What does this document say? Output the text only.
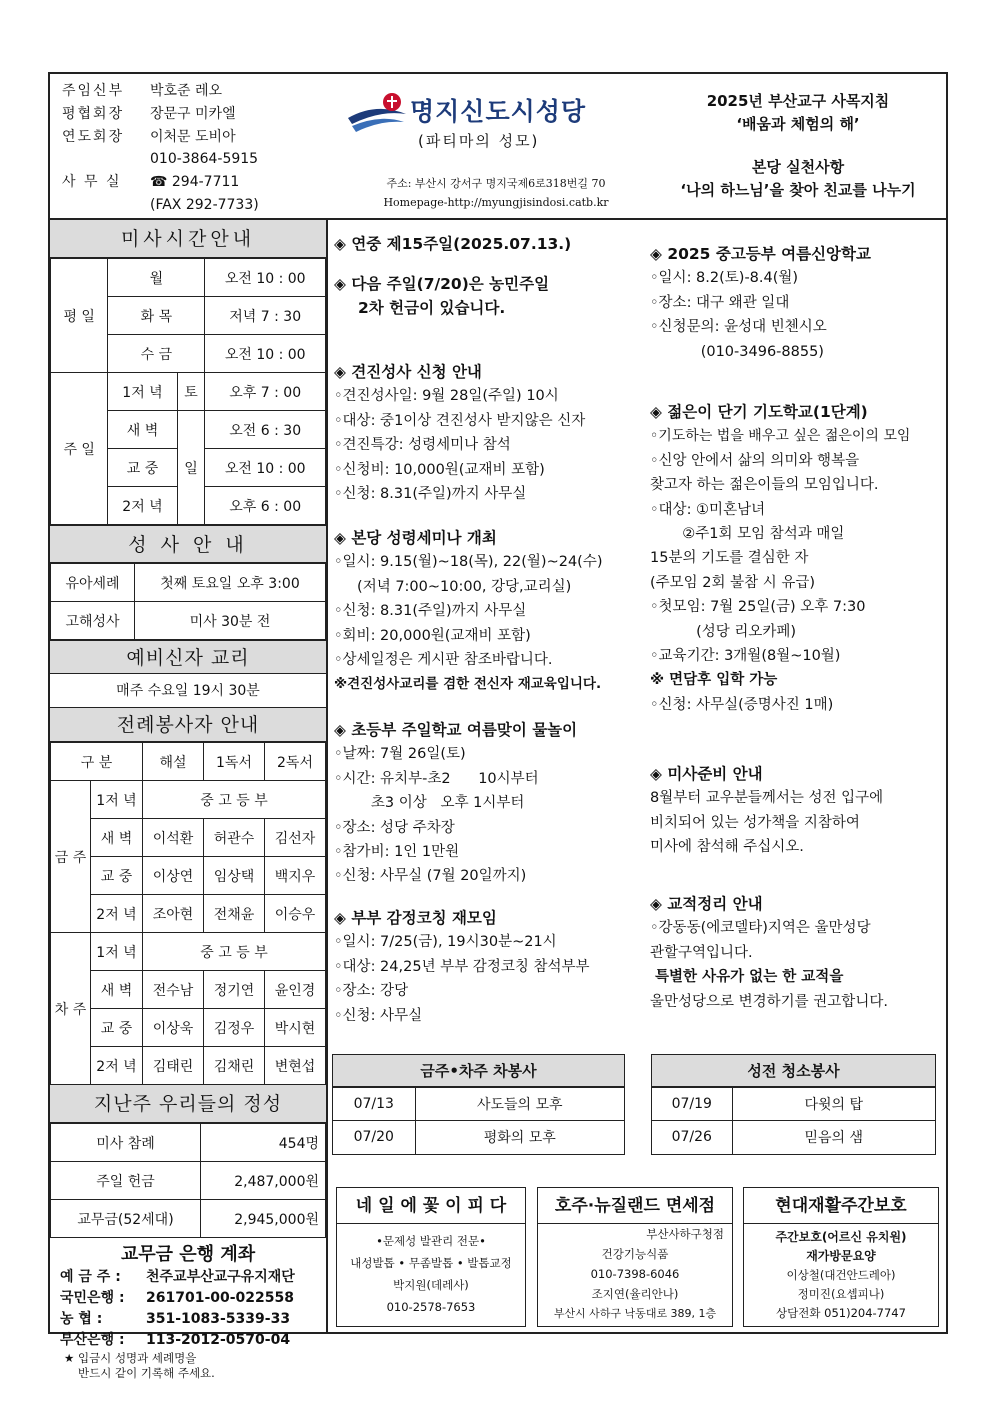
주임신부 박호준 레오
평협회장 장문구 미카엘
연도회장 이처문 도비아
010-3864-5915
사 무 실 ☎ 294-7711
(FAX 292-7733)
명지신도시성당
(파티마의 성모)
주소: 부산시 강서구 명지국제6로318번길 70
Homepage-http://myungjisindosi.catb.kr
2025년 부산교구 사목지침
‘배움과 체험의 해’
본당 실천사항
‘나의 하느님’을 찾아 친교를 나누기
미사시간안내
평 일	월		오전 10 : 00
	화 목		저녁 7 : 30
	수 금		오전 10 : 00
주 일	1저 녁	토	오후 7 : 00
	새 벽	일	오전 6 : 30
	교 중		오전 10 : 00
	2저 녁		오후 6 : 00
성 사 안 내
유아세례	첫째 토요일 오후 3:00
고해성사	미사 30분 전
예비신자 교리
매주 수요일 19시 30분
전례봉사자 안내
구 분		해설	1독서	2독서
금 주	1저 녁	중 고 등 부		
	새 벽	이석환	허관수	김선자
	교 중	이상연	임상택	백지우
	2저 녁	조아현	전채윤	이승우
차 주	1저 녁	중 고 등 부		
	새 벽	전수남	정기연	윤인경
	교 중	이상욱	김정우	박시현
	2저 녁	김태린	김채린	변현섭
지난주 우리들의 정성
미사 참례	454명
주일 헌금	2,487,000원
교무금(52세대)	2,945,000원
교무금 은행 계좌
예 금 주 : 천주교부산교구유지재단
국민은행 : 261701-00-022558
농 협 :	351-1083-5339-33
부산은행 : 113-2012-0570-04
★ 입금시 성명과 세례명을
반드시 같이 기록해 주세요.
◈ 연중 제15주일(2025.07.13.)
◈ 다음 주일(7/20)은 농민주일
2차 헌금이 있습니다.
◈ 견진성사 신청 안내
◦견진성사일: 9월 28일(주일) 10시
◦대상: 중1이상 견진성사 받지않은 신자
◦견진특강: 성령세미나 참석
◦신청비: 10,000원(교재비 포함)
◦신청: 8.31(주일)까지 사무실
◈ 본당 성령세미나 개최
◦일시: 9.15(월)~18(목), 22(월)~24(수)
(저녁 7:00~10:00, 강당,교리실)
◦신청: 8.31(주일)까지 사무실
◦회비: 20,000원(교재비 포함)
◦상세일정은 게시판 참조바랍니다.
※견진성사교리를 겸한 전신자 재교육입니다.
◈ 초등부 주일학교 여름맞이 물놀이
◦날짜: 7월 26일(토)
◦시간: 유치부-초2      10시부터
초3 이상   오후 1시부터
◦장소: 성당 주차장
◦참가비: 1인 1만원
◦신청: 사무실 (7월 20일까지)
◈ 부부 감정코칭 재모임
◦일시: 7/25(금), 19시30분~21시
◦대상: 24,25년 부부 감정코칭 참석부부
◦장소: 강당
◦신청: 사무실
◈ 2025 중고등부 여름신앙학교
◦일시: 8.2(토)-8.4(월)
◦장소: 대구 왜관 일대
◦신청문의: 윤성대 빈첸시오
(010-3496-8855)
◈ 젊은이 단기 기도학교(1단계)
◦기도하는 법을 배우고 싶은 젊은이의 모임
◦신앙 안에서 삶의 의미와 행복을
찾고자 하는 젊은이들의 모임입니다.
◦대상: ①미혼남녀
②주1회 모임 참석과 매일
15분의 기도를 결심한 자
(주모임 2회 불참 시 유급)
◦첫모임: 7월 25일(금) 오후 7:30
(성당 리오카페)
◦교육기간: 3개월(8월~10월)
※ 면담후 입학 가능
◦신청: 사무실(증명사진 1매)
◈ 미사준비 안내
8월부터 교우분들께서는 성전 입구에
비치되어 있는 성가책을 지참하여
미사에 참석해 주십시오.
◈ 교적정리 안내
◦강동동(에코델타)지역은 울만성당
관할구역입니다.
특별한 사유가 없는 한 교적을
울만성당으로 변경하기를 권고합니다.
금주•차주 차봉사
07/13	사도들의 모후
07/20	평화의 모후
성전 청소봉사
07/19	다윗의 탑
07/26	믿음의 샘
네 일 에 꽃 이 피 다
•문제성 발관리 전문•
내성발톱 • 무좀발톱 • 발톱교정
박지원(데레사)
010-2578-7653
호주·뉴질랜드 면세점
부산사하구청점
건강기능식품
010-7398-6046
조지연(율리안나)
부산시 사하구 낙동대로 389, 1층
현대재활주간보호
주간보호(어르신 유치원)
재가방문요양
이상철(대건안드레아)
정미진(요셉피나)
상담전화 051)204-7747
